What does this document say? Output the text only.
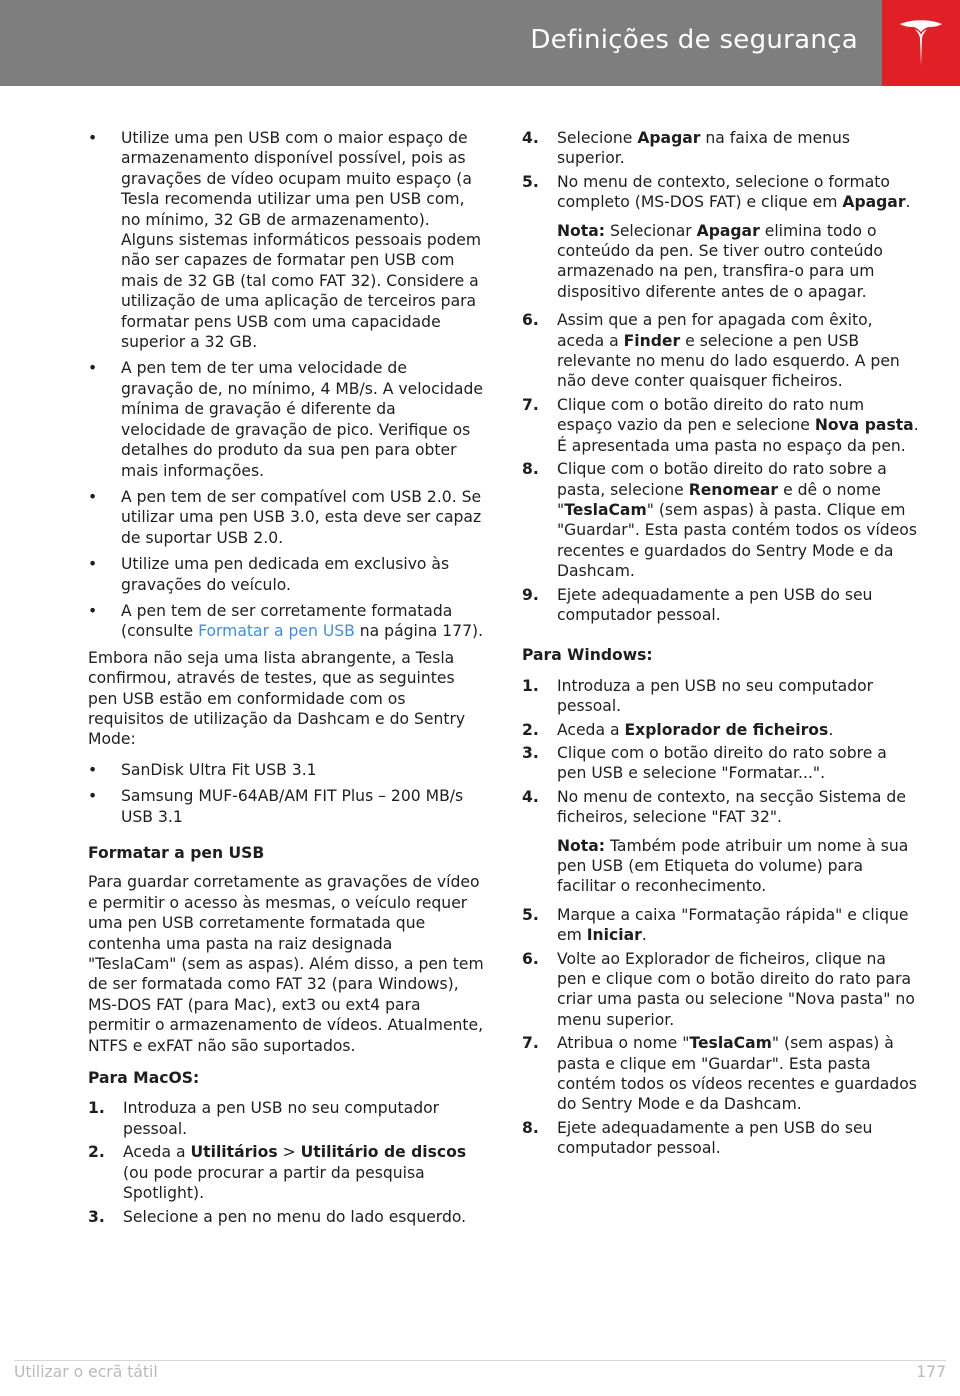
Definições de segurança
• Utilize uma pen USB com o maior espaço de armazenamento disponível possível, pois as gravações de vídeo ocupam muito espaço (a Tesla recomenda utilizar uma pen USB com, no mínimo, 32 GB de armazenamento). Alguns sistemas informáticos pessoais podem não ser capazes de formatar pen USB com mais de 32 GB (tal como FAT 32). Considere a utilização de uma aplicação de terceiros para formatar pens USB com uma capacidade superior a 32 GB.
• A pen tem de ter uma velocidade de gravação de, no mínimo, 4 MB/s. A velocidade mínima de gravação é diferente da velocidade de gravação de pico. Verifique os detalhes do produto da sua pen para obter mais informações.
• A pen tem de ser compatível com USB 2.0. Se utilizar uma pen USB 3.0, esta deve ser capaz de suportar USB 2.0.
• Utilize uma pen dedicada em exclusivo às gravações do veículo.
• A pen tem de ser corretamente formatada (consulte Formatar a pen USB na página 177).

Embora não seja uma lista abrangente, a Tesla confirmou, através de testes, que as seguintes pen USB estão em conformidade com os requisitos de utilização da Dashcam e do Sentry Mode:

• SanDisk Ultra Fit USB 3.1
• Samsung MUF-64AB/AM FIT Plus – 200 MB/s USB 3.1
Formatar a pen USB

Para guardar corretamente as gravações de vídeo e permitir o acesso às mesmas, o veículo requer uma pen USB corretamente formatada que contenha uma pasta na raiz designada "TeslaCam" (sem as aspas). Além disso, a pen tem de ser formatada como FAT 32 (para Windows), MS-DOS FAT (para Mac), ext3 ou ext4 para permitir o armazenamento de vídeos. Atualmente, NTFS e exFAT não são suportados.

Para MacOS:
1. Introduza a pen USB no seu computador pessoal.
2. Aceda a Utilitários > Utilitário de discos (ou pode procurar a partir da pesquisa Spotlight).
3. Selecione a pen no menu do lado esquerdo.
4. Selecione Apagar na faixa de menus superior.
5. No menu de contexto, selecione o formato completo (MS-DOS FAT) e clique em Apagar.

Nota: Selecionar Apagar elimina todo o conteúdo da pen. Se tiver outro conteúdo armazenado na pen, transfira-o para um dispositivo diferente antes de o apagar.

6. Assim que a pen for apagada com êxito, aceda a Finder e selecione a pen USB relevante no menu do lado esquerdo. A pen não deve conter quaisquer ficheiros.
7. Clique com o botão direito do rato num espaço vazio da pen e selecione Nova pasta. É apresentada uma pasta no espaço da pen.
8. Clique com o botão direito do rato sobre a pasta, selecione Renomear e dê o nome "TeslaCam" (sem aspas) à pasta. Clique em "Guardar". Esta pasta contém todos os vídeos recentes e guardados do Sentry Mode e da Dashcam.
9. Ejete adequadamente a pen USB do seu computador pessoal.
Para Windows:
1. Introduza a pen USB no seu computador pessoal.
2. Aceda a Explorador de ficheiros.
3. Clique com o botão direito do rato sobre a pen USB e selecione "Formatar...".
4. No menu de contexto, na secção Sistema de ficheiros, selecione "FAT 32".

Nota: Também pode atribuir um nome à sua pen USB (em Etiqueta do volume) para facilitar o reconhecimento.

5. Marque a caixa "Formatação rápida" e clique em Iniciar.
6. Volte ao Explorador de ficheiros, clique na pen e clique com o botão direito do rato para criar uma pasta ou selecione "Nova pasta" no menu superior.
7. Atribua o nome "TeslaCam" (sem aspas) à pasta e clique em "Guardar". Esta pasta contém todos os vídeos recentes e guardados do Sentry Mode e da Dashcam.
8. Ejete adequadamente a pen USB do seu computador pessoal.
Utilizar o ecrã tátil	177
